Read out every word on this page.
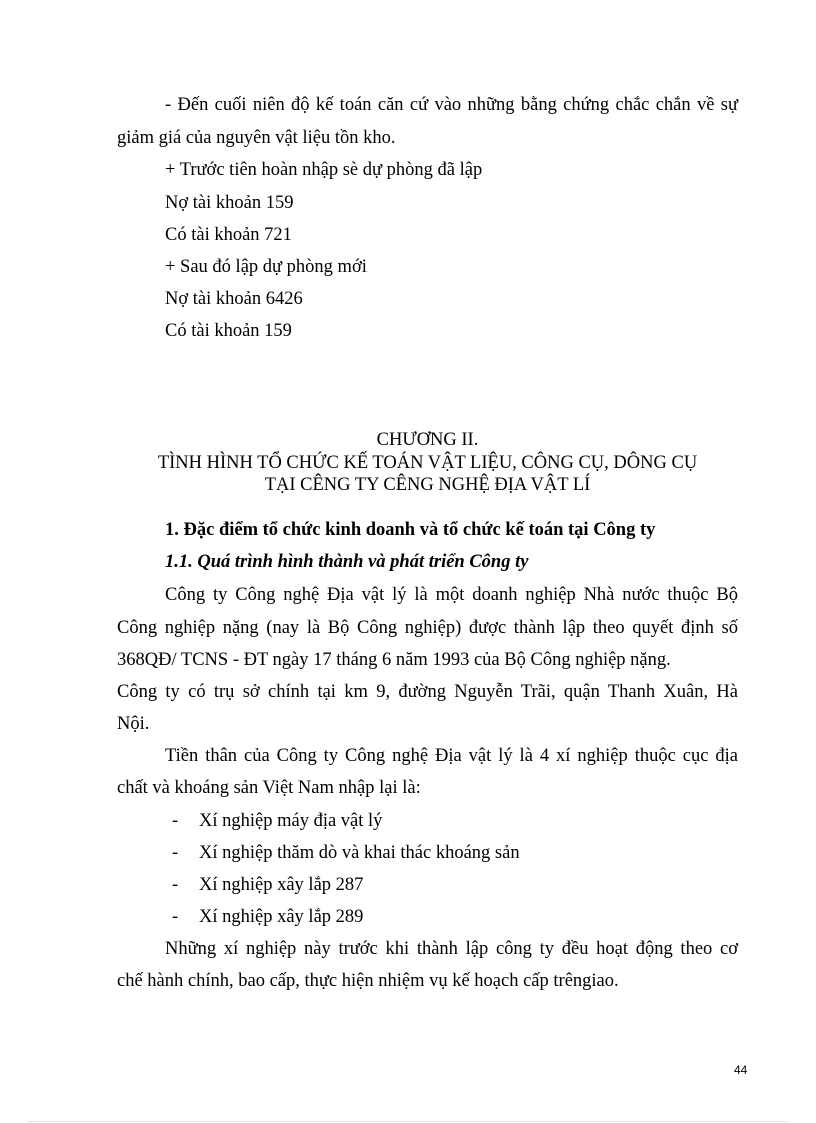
- Đến cuối niên độ kế toán căn cứ vào những bằng chứng chắc chắn về sự
giảm giá của nguyên vật liệu tồn kho.
+ Trước tiên hoàn nhập sè dự phòng đã lập
Nợ tài khoản 159
Có tài khoản 721
+ Sau đó lập dự phòng mới
Nợ tài khoản 6426
Có tài khoản 159
CHƯƠNG II.
TÌNH HÌNH TỔ CHỨC KẾ TOÁN VẬT LIỆU, CÔNG CỤ, DÔNG CỤ
TẠI CÊNG TY CÊNG NGHỆ ĐỊA VẬT LÍ
1. Đặc điểm tổ chức kinh doanh và tổ chức kế toán tại Công ty
1.1. Quá trình hình thành và phát triển Công ty
Công ty Công nghệ Địa vật lý là một doanh nghiệp Nhà nước thuộc Bộ
Công nghiệp nặng (nay là Bộ Công nghiệp) được thành lập theo quyết định số
368QĐ/ TCNS - ĐT ngày 17 tháng 6 năm 1993 của Bộ Công nghiệp nặng.
Công ty có trụ sở chính tại km 9, đường Nguyễn Trãi, quận Thanh Xuân, Hà
Nội.
Tiền thân của Công ty Công nghệ Địa vật lý là 4 xí nghiệp thuộc cục địa
chất và khoáng sản Việt Nam nhập lại là:
- Xí nghiệp máy địa vật lý
- Xí nghiệp thăm dò và khai thác khoáng sản
- Xí nghiệp xây lắp 287
- Xí nghiệp xây lắp 289
Những xí nghiệp này trước khi thành lập công ty đều hoạt động theo cơ
chế hành chính, bao cấp, thực hiện nhiệm vụ kế hoạch cấp trêngiao.
44
